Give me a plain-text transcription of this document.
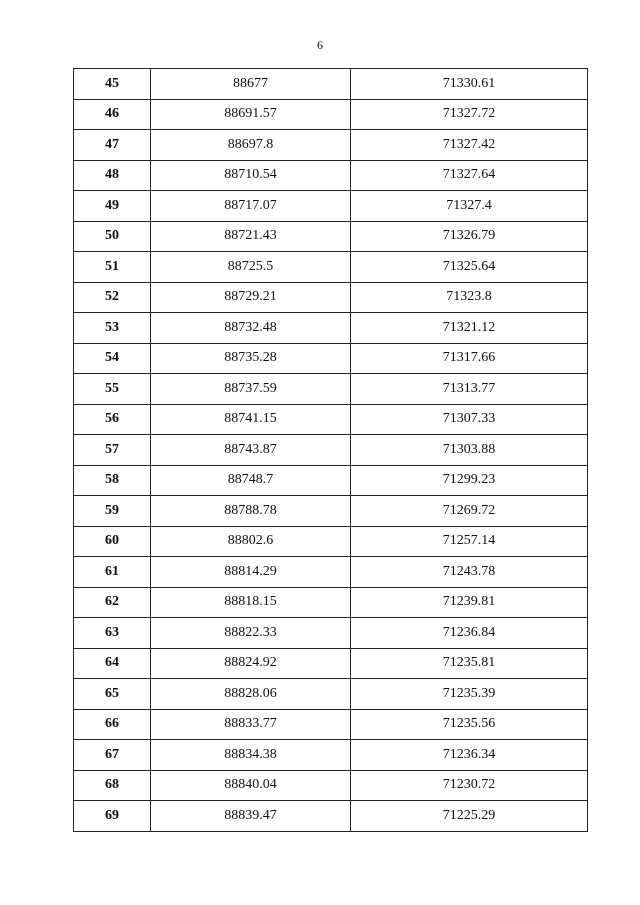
6
45	88677	71330.61
46	88691.57	71327.72
47	88697.8	71327.42
48	88710.54	71327.64
49	88717.07	71327.4
50	88721.43	71326.79
51	88725.5	71325.64
52	88729.21	71323.8
53	88732.48	71321.12
54	88735.28	71317.66
55	88737.59	71313.77
56	88741.15	71307.33
57	88743.87	71303.88
58	88748.7	71299.23
59	88788.78	71269.72
60	88802.6	71257.14
61	88814.29	71243.78
62	88818.15	71239.81
63	88822.33	71236.84
64	88824.92	71235.81
65	88828.06	71235.39
66	88833.77	71235.56
67	88834.38	71236.34
68	88840.04	71230.72
69	88839.47	71225.29
